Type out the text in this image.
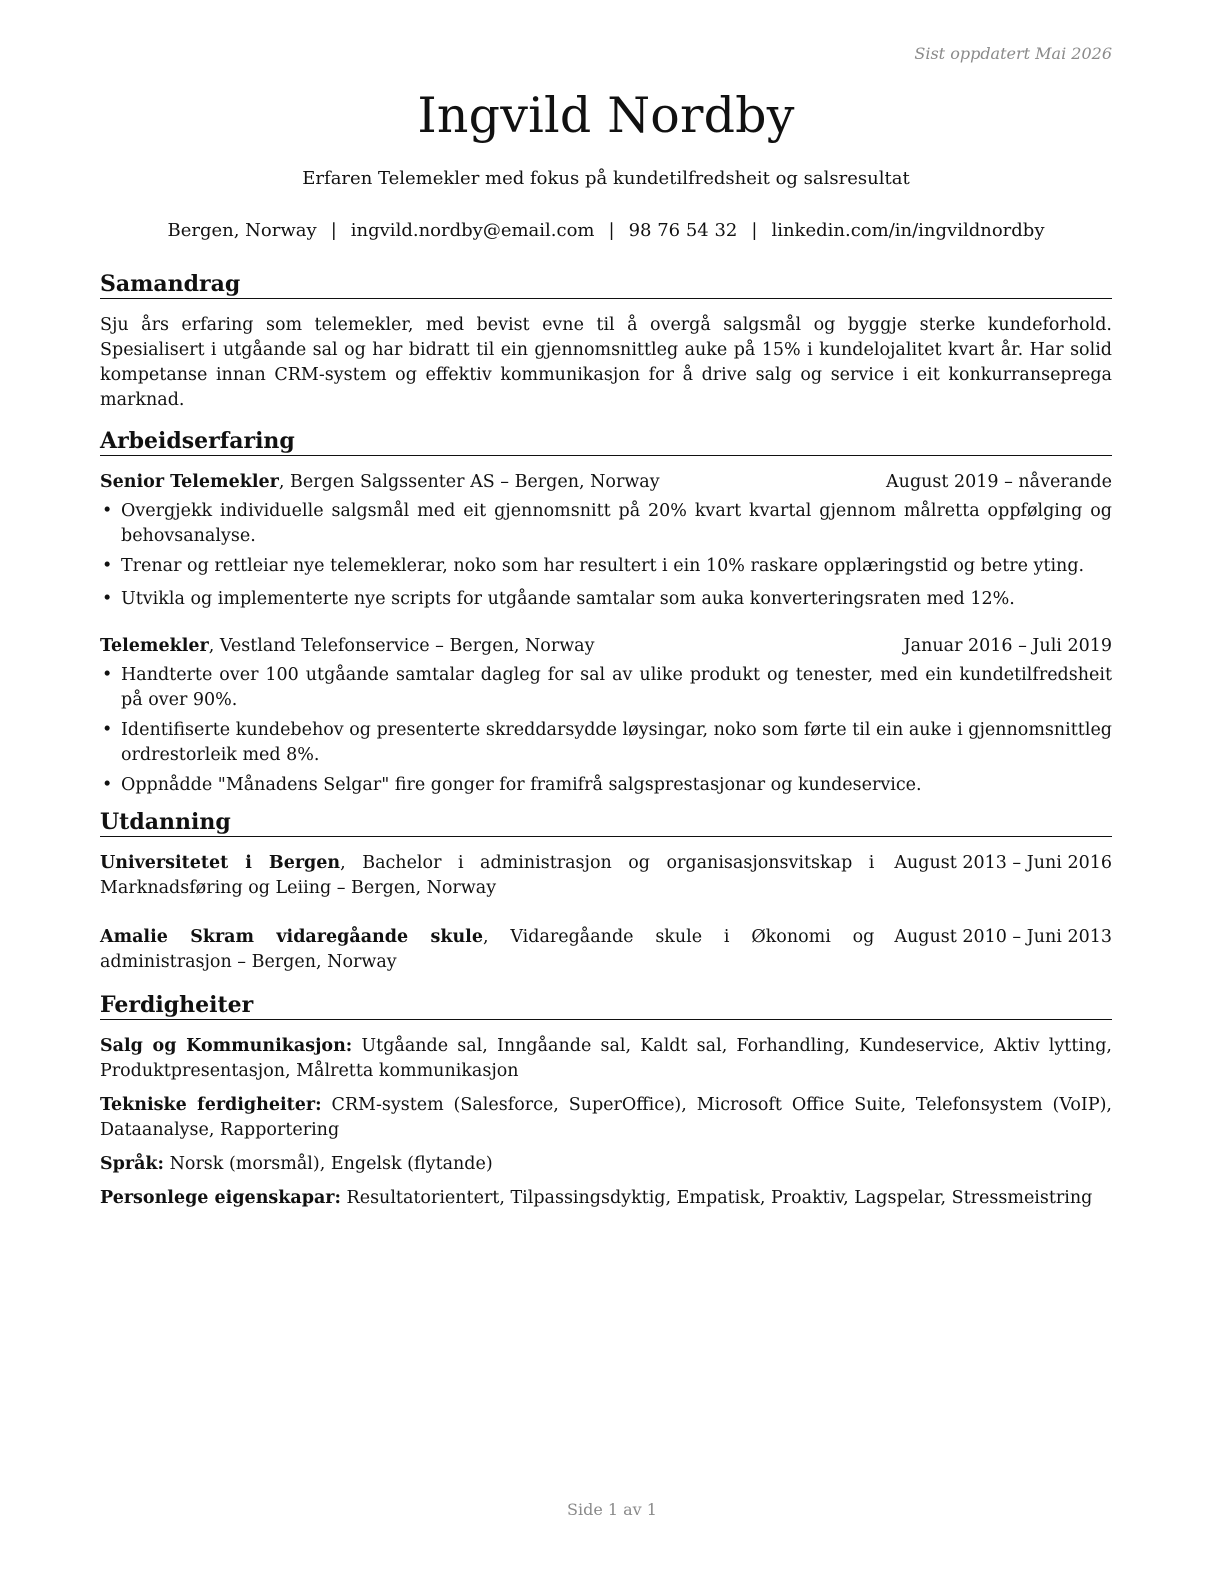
Sist oppdatert Mai 2026
Ingvild Nordby
Erfaren Telemekler med fokus på kundetilfredsheit og salsresultat
Bergen, Norway | ingvild.nordby@email.com | 98 76 54 32 | linkedin.com/in/ingvildnordby
Samandrag
Sju års erfaring som telemekler, med bevist evne til å overgå salgsmål og byggje sterke kundeforhold. Spesialisert i utgåande sal og har bidratt til ein gjennomsnittleg auke på 15% i kundelojalitet kvart år. Har solid kompetanse innan CRM-system og effektiv kommunikasjon for å drive salg og service i eit konkurransepregа marknad.
Arbeidserfaring
Senior Telemekler, Bergen Salgssenter AS – Bergen, Norway	August 2019 – nåverande
• Overgjekk individuelle salgsmål med eit gjennomsnitt på 20% kvart kvartal gjennom målretta oppfølging og behovsanalyse.
• Trenar og rettleiar nye telemeklerar, noko som har resultert i ein 10% raskare opplæringstid og betre yting.
• Utvikla og implementerte nye scripts for utgåande samtalar som auka konverteringsraten med 12%.
Telemekler, Vestland Telefonservice – Bergen, Norway	Januar 2016 – Juli 2019
• Handterte over 100 utgåande samtalar dagleg for sal av ulike produkt og tenester, med ein kundetilfredsheit på over 90%.
• Identifiserte kundebehov og presenterte skreddarsydde løysingar, noko som førte til ein auke i gjennomsnittleg ordrestorleik med 8%.
• Oppnådde "Månadens Selgar" fire gonger for framifrå salgsprestasjonar og kundeservice.
Utdanning
Universitetet i Bergen, Bachelor i administrasjon og organisasjonsvitskap i Marknadsføring og Leiing – Bergen, Norway
August 2013 – Juni 2016
Amalie Skram vidaregåande skule, Vidaregåande skule i Økonomi og administrasjon – Bergen, Norway
August 2010 – Juni 2013
Ferdigheiter
Salg og Kommunikasjon: Utgåande sal, Inngåande sal, Kaldt sal, Forhandling, Kundeservice, Aktiv lytting, Produktpresentasjon, Målretta kommunikasjon
Tekniske ferdigheiter: CRM-system (Salesforce, SuperOffice), Microsoft Office Suite, Telefonsystem (VoIP), Dataanalyse, Rapportering
Språk: Norsk (morsmål), Engelsk (flytande)
Personlege eigenskapar: Resultatorientert, Tilpassingsdyktig, Empatisk, Proaktiv, Lagspelar, Stressmeistring
Side 1 av 1
